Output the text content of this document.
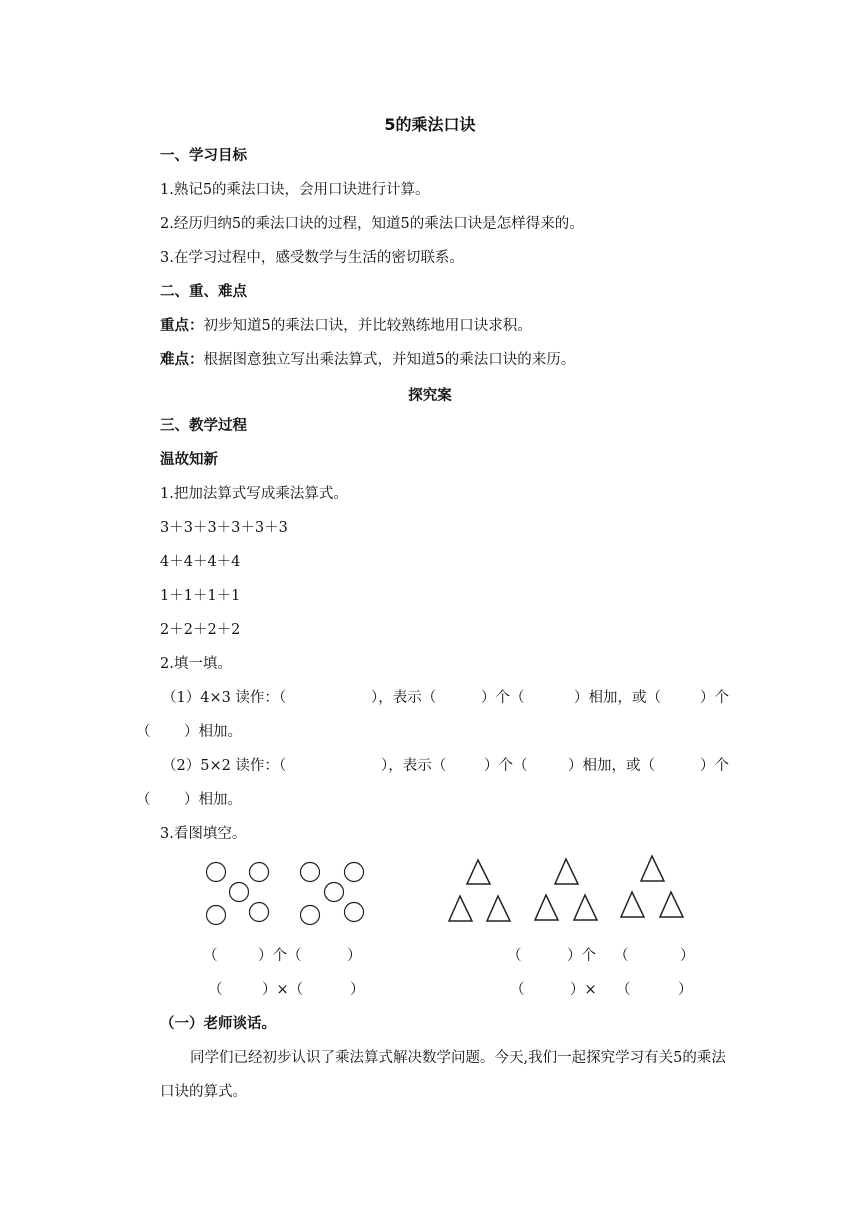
5的乘法口诀
一、学习目标
1.熟记5的乘法口诀，会用口诀进行计算。
2.经历归纳5的乘法口诀的过程，知道5的乘法口诀是怎样得来的。
3.在学习过程中，感受数学与生活的密切联系。
二、重、难点
重点：初步知道5的乘法口诀，并比较熟练地用口诀求积。
难点：根据图意独立写出乘法算式，并知道5的乘法口诀的来历。
探究案
三、教学过程
温故知新
1.把加法算式写成乘法算式。
3＋3＋3＋3＋3＋3
4＋4＋4＋4
1＋1＋1＋1
2＋2＋2＋2
2.填一填。
（1）4×3 读作：（	），表示（	）个（	）相加，或（	）个
（ ）相加。
（2）5×2 读作：（	），表示（	）个（	）相加，或（	）个
（ ）相加。
3.看图填空。
（	）个（	）
（	）×（	）
（	）个 （	）
（	）× （	）
（一）老师谈话。
同学们已经初步认识了乘法算式解决数学问题。今天,我们一起探究学习有关5的乘法
口诀的算式。
